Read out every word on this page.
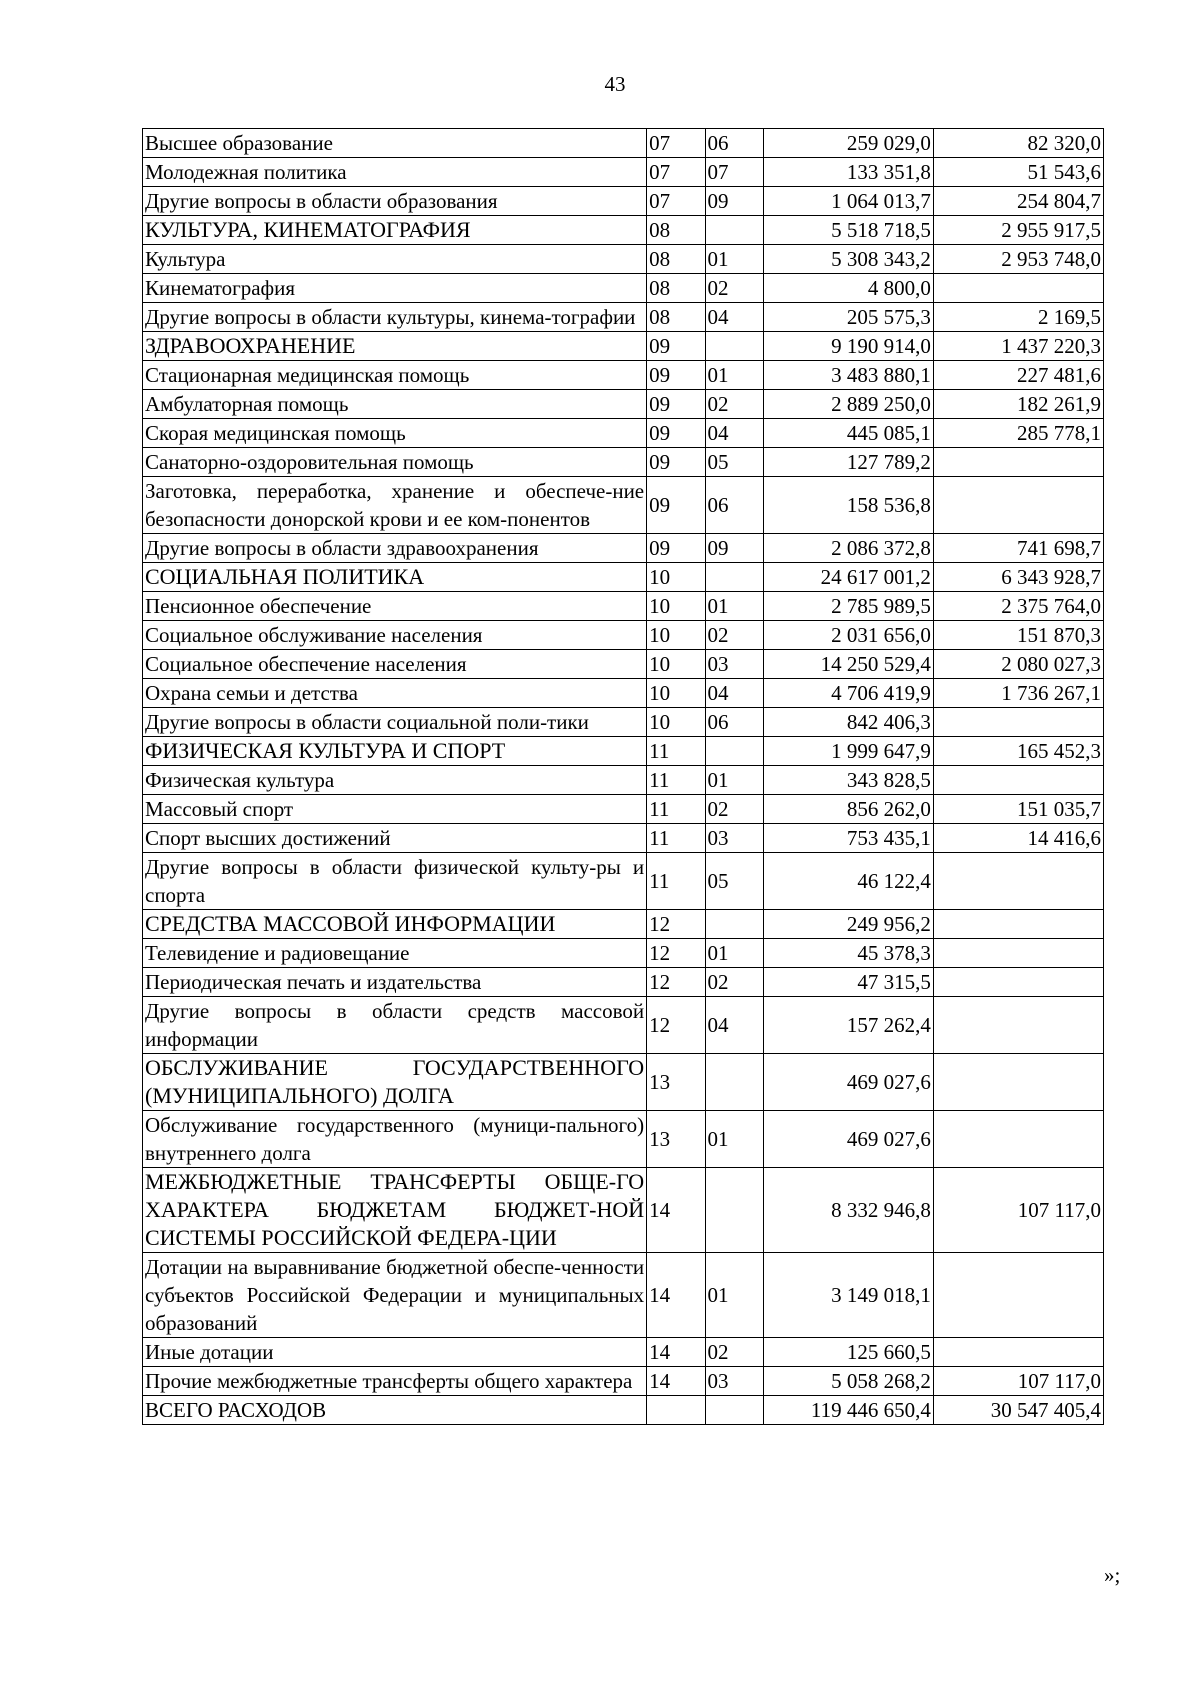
43
Высшее образование	07	06	259 029,0	82 320,0
Молодежная политика	07	07	133 351,8	51 543,6
Другие вопросы в области образования	07	09	1 064 013,7	254 804,7
КУЛЬТУРА, КИНЕМАТОГРАФИЯ	08		5 518 718,5	2 955 917,5
Культура	08	01	5 308 343,2	2 953 748,0
Кинематография	08	02	4 800,0	
Другие вопросы в области культуры, кинема-тографии	08	04	205 575,3	2 169,5
ЗДРАВООХРАНЕНИЕ	09		9 190 914,0	1 437 220,3
Стационарная медицинская помощь	09	01	3 483 880,1	227 481,6
Амбулаторная помощь	09	02	2 889 250,0	182 261,9
Скорая медицинская помощь	09	04	445 085,1	285 778,1
Санаторно-оздоровительная помощь	09	05	127 789,2	
Заготовка, переработка, хранение и обеспече-ние безопасности донорской крови и ее ком-понентов	09	06	158 536,8	
Другие вопросы в области здравоохранения	09	09	2 086 372,8	741 698,7
СОЦИАЛЬНАЯ ПОЛИТИКА	10		24 617 001,2	6 343 928,7
Пенсионное обеспечение	10	01	2 785 989,5	2 375 764,0
Социальное обслуживание населения	10	02	2 031 656,0	151 870,3
Социальное обеспечение населения	10	03	14 250 529,4	2 080 027,3
Охрана семьи и детства	10	04	4 706 419,9	1 736 267,1
Другие вопросы в области социальной поли-тики	10	06	842 406,3	
ФИЗИЧЕСКАЯ КУЛЬТУРА И СПОРТ	11		1 999 647,9	165 452,3
Физическая культура	11	01	343 828,5	
Массовый спорт	11	02	856 262,0	151 035,7
Спорт высших достижений	11	03	753 435,1	14 416,6
Другие вопросы в области физической культу-ры и спорта	11	05	46 122,4	
СРЕДСТВА МАССОВОЙ ИНФОРМАЦИИ	12		249 956,2	
Телевидение и радиовещание	12	01	45 378,3	
Периодическая печать и издательства	12	02	47 315,5	
Другие вопросы в области средств массовой информации	12	04	157 262,4	
ОБСЛУЖИВАНИЕ ГОСУДАРСТВЕННОГО (МУНИЦИПАЛЬНОГО) ДОЛГА	13		469 027,6	
Обслуживание государственного (муници-пального) внутреннего долга	13	01	469 027,6	
МЕЖБЮДЖЕТНЫЕ ТРАНСФЕРТЫ ОБЩЕ-ГО ХАРАКТЕРА БЮДЖЕТАМ БЮДЖЕТ-НОЙ СИСТЕМЫ РОССИЙСКОЙ ФЕДЕРА-ЦИИ	14		8 332 946,8	107 117,0
Дотации на выравнивание бюджетной обеспе-ченности субъектов Российской Федерации и муниципальных образований	14	01	3 149 018,1	
Иные дотации	14	02	125 660,5	
Прочие межбюджетные трансферты общего характера	14	03	5 058 268,2	107 117,0
ВСЕГО РАСХОДОВ			119 446 650,4	30 547 405,4
»;
